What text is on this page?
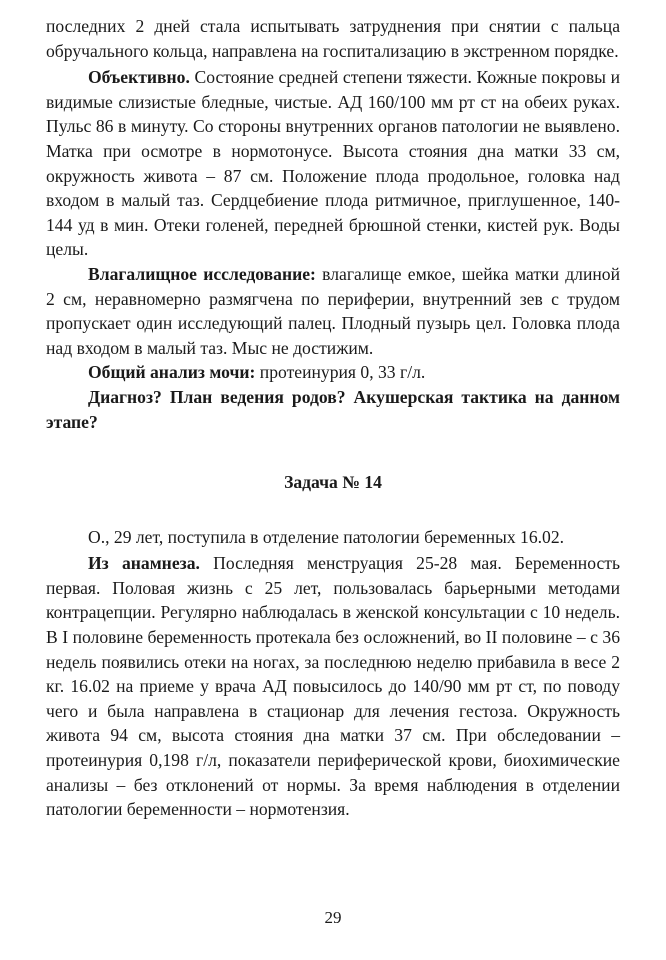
последних 2 дней стала испытывать затруднения при снятии с пальца обручального кольца, направлена на госпитализацию в экстренном порядке.

Объективно. Состояние средней степени тяжести. Кожные покровы и видимые слизистые бледные, чистые. АД 160/100 мм рт ст на обеих руках. Пульс 86 в минуту. Со стороны внутренних органов патологии не выявлено. Матка при осмотре в нормотонусе. Высота стояния дна матки 33 см, окружность живота – 87 см. Положение плода продольное, головка над входом в малый таз. Сердцебиение плода ритмичное, приглушенное, 140-144 уд в мин. Отеки голеней, передней брюшной стенки, кистей рук. Воды целы.

Влагалищное исследование: влагалище емкое, шейка матки длиной 2 см, неравномерно размягчена по периферии, внутренний зев с трудом пропускает один исследующий палец. Плодный пузырь цел. Головка плода над входом в малый таз. Мыс не достижим.

Общий анализ мочи: протеинурия 0, 33 г/л.

Диагноз? План ведения родов? Акушерская тактика на данном этапе?

Задача № 14

О., 29 лет, поступила в отделение патологии беременных 16.02.

Из анамнеза. Последняя менструация 25-28 мая. Беременность первая. Половая жизнь с 25 лет, пользовалась барьерными методами контрацепции. Регулярно наблюдалась в женской консультации с 10 недель. В I половине беременность протекала без осложнений, во II половине – с 36 недель появились отеки на ногах, за последнюю неделю прибавила в весе 2 кг. 16.02 на приеме у врача АД повысилось до 140/90 мм рт ст, по поводу чего и была направлена в стационар для лечения гестоза. Окружность живота 94 см, высота стояния дна матки 37 см. При обследовании – протеинурия 0,198 г/л, показатели периферической крови, биохимические анализы – без отклонений от нормы. За время наблюдения в отделении патологии беременности – нормотензия.

29
